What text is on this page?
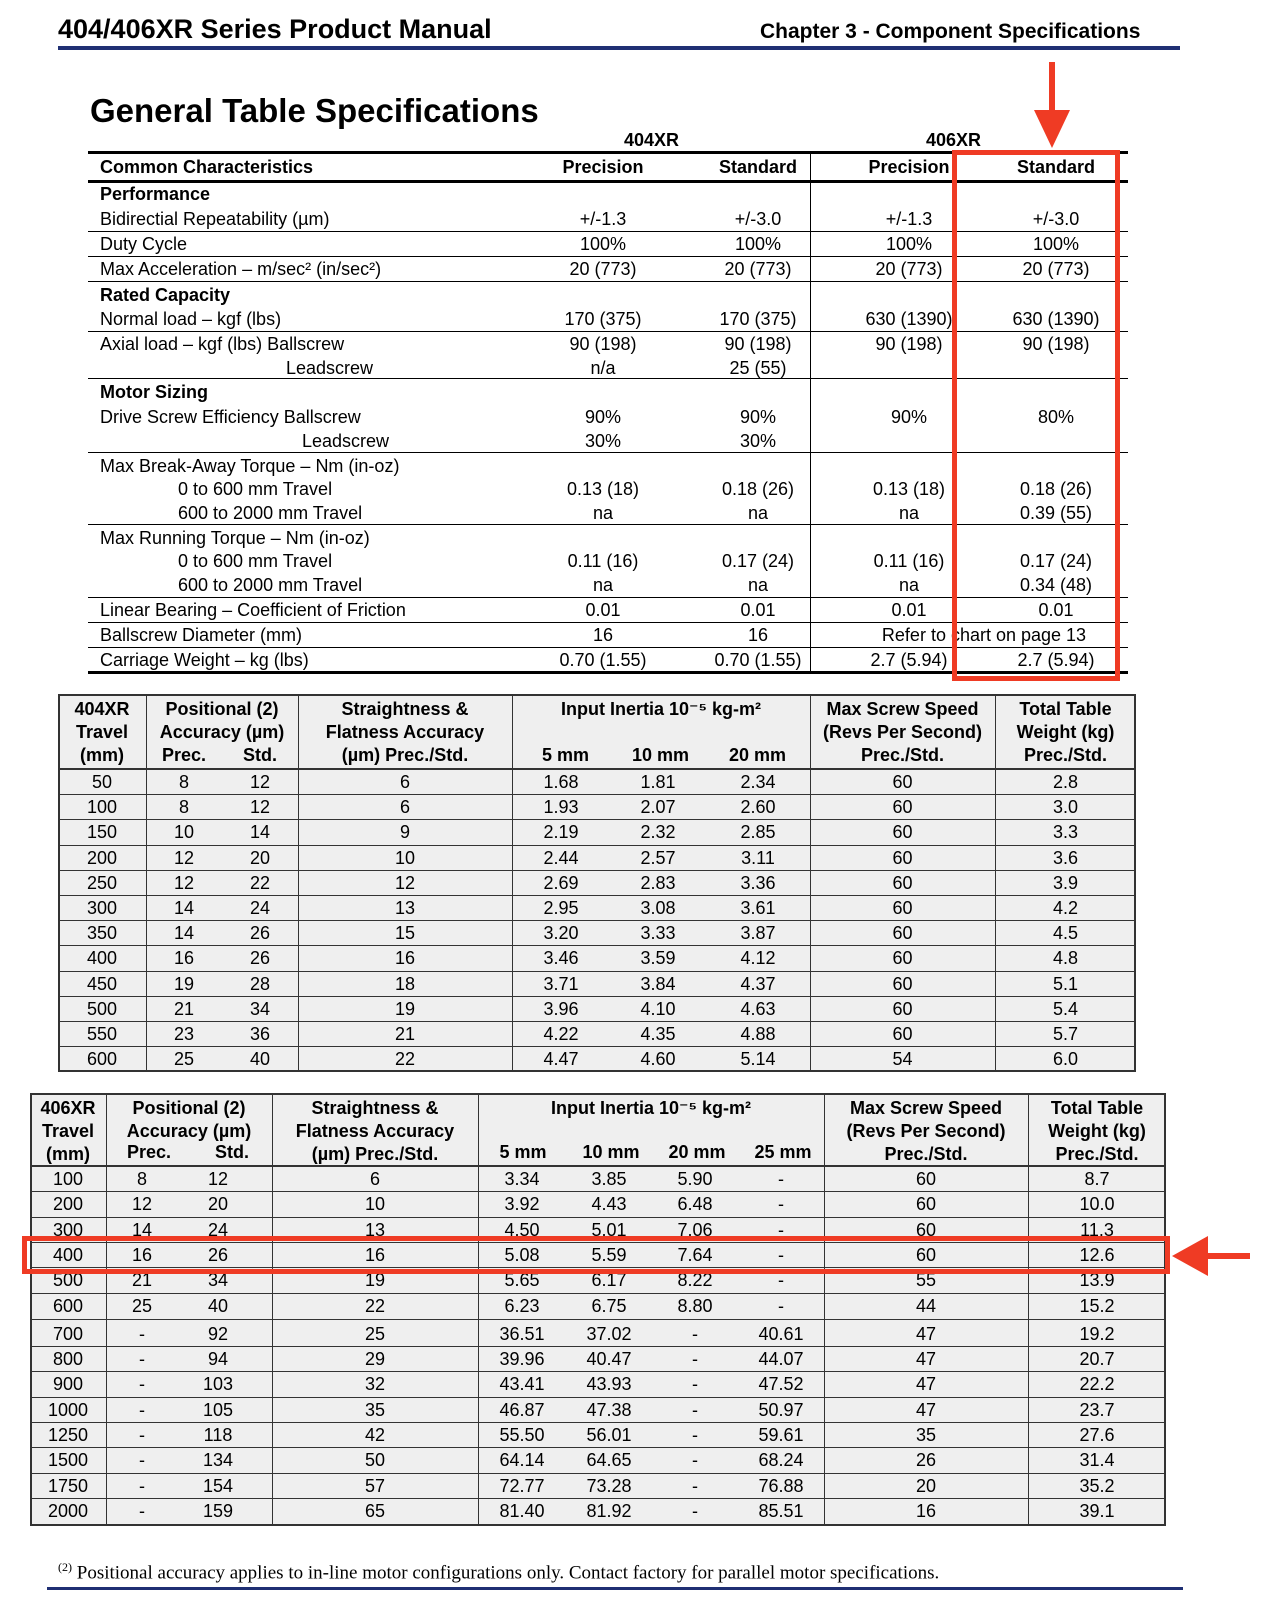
404/406XR Series Product Manual	Chapter 3 - Component Specifications
General Table Specifications
404XR	406XR
Common Characteristics	Precision	Standard	Precision	Standard
Performance
Bidirectial Repeatability (µm)	+/-1.3	+/-3.0	+/-1.3	+/-3.0
Duty Cycle	100%	100%	100%	100%
Max Acceleration – m/sec² (in/sec²)	20 (773)	20 (773)	20 (773)	20 (773)
Rated Capacity
Normal load – kgf (lbs)	170 (375)	170 (375)	630 (1390)	630 (1390)
Axial load – kgf (lbs) Ballscrew	90 (198)	90 (198)	90 (198)	90 (198)
Leadscrew	n/a	25 (55)
Motor Sizing
Drive Screw Efficiency Ballscrew	90%	90%	90%	80%
Leadscrew	30%	30%
Max Break-Away Torque – Nm (in-oz)
0 to 600 mm Travel	0.13 (18)	0.18 (26)	0.13 (18)	0.18 (26)
600 to 2000 mm Travel	na	na	na	0.39 (55)
Max Running Torque – Nm (in-oz)
0 to 600 mm Travel	0.11 (16)	0.17 (24)	0.11 (16)	0.17 (24)
600 to 2000 mm Travel	na	na	na	0.34 (48)
Linear Bearing – Coefficient of Friction	0.01	0.01	0.01	0.01
Ballscrew Diameter (mm)	16	16	Refer to chart on page 13
Carriage Weight – kg (lbs)	0.70 (1.55)	0.70 (1.55)	2.7 (5.94)	2.7 (5.94)
404XR
Travel
(mm)
Positional (2)
Accuracy (µm)
Prec.	Std.
Straightness &
Flatness Accuracy
(µm) Prec./Std.
Input Inertia 10⁻⁵ kg-m²
5 mm	10 mm	20 mm
Max Screw Speed
(Revs Per Second)
Prec./Std.
Total Table
Weight (kg)
Prec./Std.
50	8	12	6	1.68	1.81	2.34	60	2.8
100	8	12	6	1.93	2.07	2.60	60	3.0
150	10	14	9	2.19	2.32	2.85	60	3.3
200	12	20	10	2.44	2.57	3.11	60	3.6
250	12	22	12	2.69	2.83	3.36	60	3.9
300	14	24	13	2.95	3.08	3.61	60	4.2
350	14	26	15	3.20	3.33	3.87	60	4.5
400	16	26	16	3.46	3.59	4.12	60	4.8
450	19	28	18	3.71	3.84	4.37	60	5.1
500	21	34	19	3.96	4.10	4.63	60	5.4
550	23	36	21	4.22	4.35	4.88	60	5.7
600	25	40	22	4.47	4.60	5.14	54	6.0
406XR
Travel
(mm)
Positional (2)
Accuracy (µm)
Prec.	Std.
Straightness &
Flatness Accuracy
(µm) Prec./Std.
Input Inertia 10⁻⁵ kg-m²
5 mm	10 mm	20 mm	25 mm
Max Screw Speed
(Revs Per Second)
Prec./Std.
Total Table
Weight (kg)
Prec./Std.
100	8	12	6	3.34	3.85	5.90	-	60	8.7
200	12	20	10	3.92	4.43	6.48	-	60	10.0
300	14	24	13	4.50	5.01	7.06	-	60	11.3
400	16	26	16	5.08	5.59	7.64	-	60	12.6
500	21	34	19	5.65	6.17	8.22	-	55	13.9
600	25	40	22	6.23	6.75	8.80	-	44	15.2
700	-	92	25	36.51	37.02	-	40.61	47	19.2
800	-	94	29	39.96	40.47	-	44.07	47	20.7
900	-	103	32	43.41	43.93	-	47.52	47	22.2
1000	-	105	35	46.87	47.38	-	50.97	47	23.7
1250	-	118	42	55.50	56.01	-	59.61	35	27.6
1500	-	134	50	64.14	64.65	-	68.24	26	31.4
1750	-	154	57	72.77	73.28	-	76.88	20	35.2
2000	-	159	65	81.40	81.92	-	85.51	16	39.1
$^{(2)}$ Positional accuracy applies to in-line motor configurations only. Contact factory for parallel motor specifications.
